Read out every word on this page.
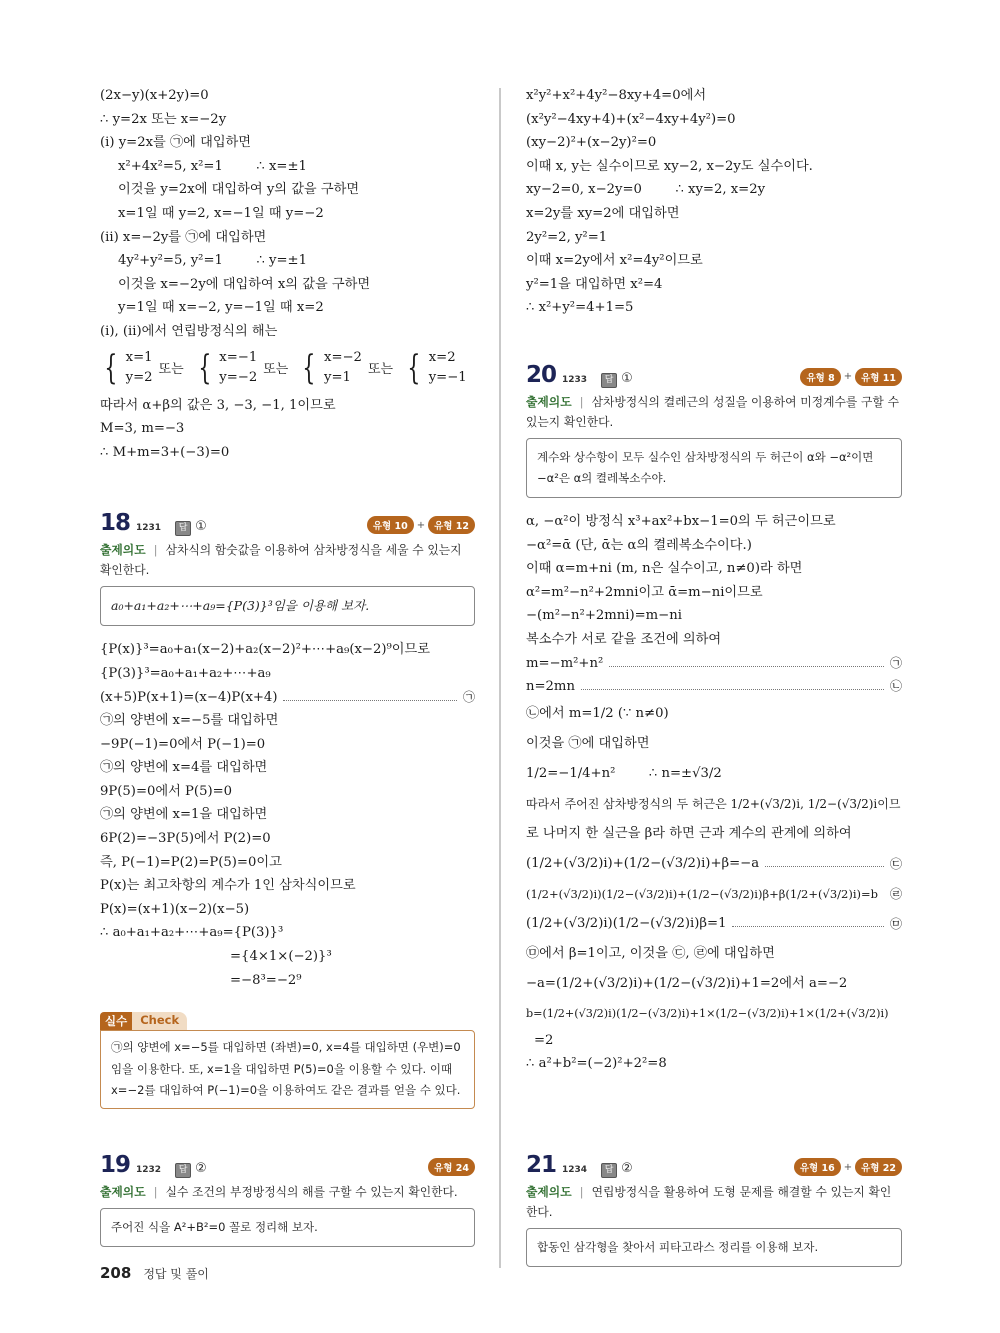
(2x−y)(x+2y)=0
∴ y=2x 또는 x=−2y
(i) y=2x를 ㉠에 대입하면
x²+4x²=5, x²=1        ∴ x=±1
이것을 y=2x에 대입하여 y의 값을 구하면
x=1일 때 y=2, x=−1일 때 y=−2
(ii) x=−2y를 ㉠에 대입하면
4y²+y²=5, y²=1        ∴ y=±1
이것을 x=−2y에 대입하여 x의 값을 구하면
y=1일 때 x=−2, y=−1일 때 x=2
(i), (ii)에서 연립방정식의 해는
{ x=1
y=2 또는 { x=−1
y=−2 또는 { x=−2
y=1	또는 { x=2
y=−1
따라서 α+β의 값은 3, −3, −1, 1이므로
M=3, m=−3
∴ M+m=3+(−3)=0
18 1231	답 ①	유형 10 + 유형 12
출제의도 | 삼차식의 함숫값을 이용하여 삼차방정식을 세울 수 있는지 확인한다.
a₀+a₁+a₂+⋯+a₉={P(3)}³임을 이용해 보자.
{P(x)}³=a₀+a₁(x−2)+a₂(x−2)²+⋯+a₉(x−2)⁹이므로
{P(3)}³=a₀+a₁+a₂+⋯+a₉
(x+5)P(x+1)=(x−4)P(x+4)	㉠
㉠의 양변에 x=−5를 대입하면
−9P(−1)=0에서 P(−1)=0
㉠의 양변에 x=4를 대입하면
9P(5)=0에서 P(5)=0
㉠의 양변에 x=1을 대입하면
6P(2)=−3P(5)에서 P(2)=0
즉, P(−1)=P(2)=P(5)=0이고
P(x)는 최고차항의 계수가 1인 삼차식이므로
P(x)=(x+1)(x−2)(x−5)
∴ a₀+a₁+a₂+⋯+a₉={P(3)}³
={4×1×(−2)}³
=−8³=−2⁹
실수	Check
㉠의 양변에 x=−5를 대입하면 (좌변)=0, x=4를 대입하면 (우변)=0임을 이용한다. 또, x=1을 대입하면 P(5)=0을 이용할 수 있다. 이때 x=−2를 대입하여 P(−1)=0을 이용하여도 같은 결과를 얻을 수 있다.
19 1232	답 ②	유형 24
출제의도 | 실수 조건의 부정방정식의 해를 구할 수 있는지 확인한다.
주어진 식을 A²+B²=0 꼴로 정리해 보자.
x²y²+x²+4y²−8xy+4=0에서
(x²y²−4xy+4)+(x²−4xy+4y²)=0
(xy−2)²+(x−2y)²=0
이때 x, y는 실수이므로 xy−2, x−2y도 실수이다.
xy−2=0, x−2y=0        ∴ xy=2, x=2y
x=2y를 xy=2에 대입하면
2y²=2, y²=1
이때 x=2y에서 x²=4y²이므로
y²=1을 대입하면 x²=4
∴ x²+y²=4+1=5
20 1233	답 ①	유형 8 + 유형 11
출제의도 | 삼차방정식의 켤레근의 성질을 이용하여 미정계수를 구할 수 있는지 확인한다.
계수와 상수항이 모두 실수인 삼차방정식의 두 허근이 α와 −α²이면 −α²은 α의 켤레복소수야.
α, −α²이 방정식 x³+ax²+bx−1=0의 두 허근이므로
−α²=ᾱ (단, ᾱ는 α의 켤레복소수이다.)
이때 α=m+ni (m, n은 실수이고, n≠0)라 하면
α²=m²−n²+2mni이고 ᾱ=m−ni이므로
−(m²−n²+2mni)=m−ni
복소수가 서로 같을 조건에 의하여
m=−m²+n²	㉠
n=2mn	㉡
㉡에서 m=1/2 (∵ n≠0)
이것을 ㉠에 대입하면
1/2=−1/4+n²        ∴ n=±√3/2
따라서 주어진 삼차방정식의 두 허근은 1/2+(√3/2)i, 1/2−(√3/2)i이므
로 나머지 한 실근을 β라 하면 근과 계수의 관계에 의하여
(1/2+(√3/2)i)+(1/2−(√3/2)i)+β=−a	㉢
(1/2+(√3/2)i)(1/2−(√3/2)i)+(1/2−(√3/2)i)β+β(1/2+(√3/2)i)=b ㉣
(1/2+(√3/2)i)(1/2−(√3/2)i)β=1	㉤
㉤에서 β=1이고, 이것을 ㉢, ㉣에 대입하면
−a=(1/2+(√3/2)i)+(1/2−(√3/2)i)+1=2에서 a=−2
b=(1/2+(√3/2)i)(1/2−(√3/2)i)+1×(1/2−(√3/2)i)+1×(1/2+(√3/2)i)
=2
∴ a²+b²=(−2)²+2²=8
21 1234	답 ②	유형 16 + 유형 22
출제의도 | 연립방정식을 활용하여 도형 문제를 해결할 수 있는지 확인한다.
합동인 삼각형을 찾아서 피타고라스 정리를 이용해 보자.
208 정답 및 풀이
